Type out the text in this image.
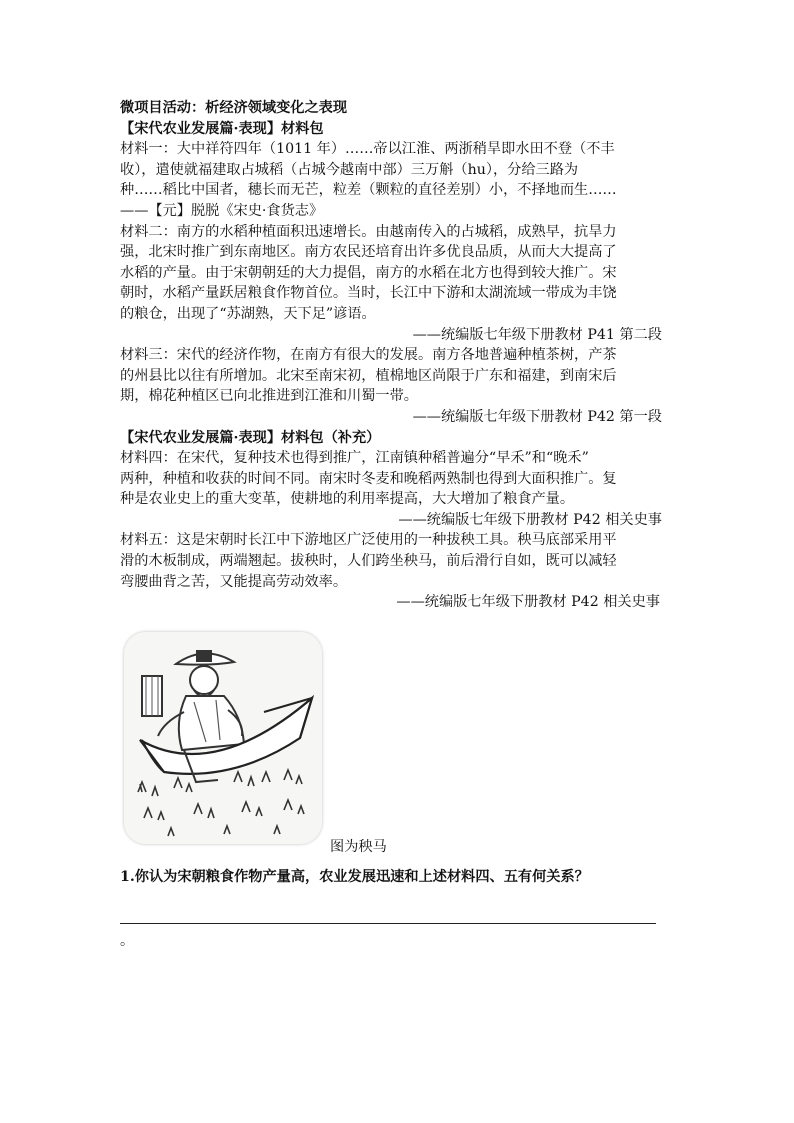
微项目活动：析经济领域变化之表现
【宋代农业发展篇·表现】材料包
材料一：大中祥符四年（1011 年）……帝以江淮、两浙稍旱即水田不登（不丰
收），遣使就福建取占城稻（占城今越南中部）三万斛（hu），分给三路为
种……稻比中国者，穗长而无芒，粒差（颗粒的直径差别）小，不择地而生……
——【元】脱脱《宋史·食货志》
材料二：南方的水稻种植面积迅速增长。由越南传入的占城稻，成熟早，抗旱力
强，北宋时推广到东南地区。南方农民还培育出许多优良品质，从而大大提高了
水稻的产量。由于宋朝朝廷的大力提倡，南方的水稻在北方也得到较大推广。宋
朝时，水稻产量跃居粮食作物首位。当时，长江中下游和太湖流域一带成为丰饶
的粮仓，出现了“苏湖熟，天下足”谚语。
——统编版七年级下册教材 P41 第二段
材料三：宋代的经济作物，在南方有很大的发展。南方各地普遍种植茶树，产茶
的州县比以往有所增加。北宋至南宋初，植棉地区尚限于广东和福建，到南宋后
期，棉花种植区已向北推进到江淮和川蜀一带。
——统编版七年级下册教材 P42 第一段
【宋代农业发展篇·表现】材料包（补充）
材料四：在宋代，复种技术也得到推广，江南镇种稻普遍分“早禾”和“晚禾”
两种，种植和收获的时间不同。南宋时冬麦和晚稻两熟制也得到大面积推广。复
种是农业史上的重大变革，使耕地的利用率提高，大大增加了粮食产量。
——统编版七年级下册教材 P42 相关史事
材料五：这是宋朝时长江中下游地区广泛使用的一种拔秧工具。秧马底部采用平
滑的木板制成，两端翘起。拔秧时，人们跨坐秧马，前后滑行自如，既可以减轻
弯腰曲背之苦，又能提高劳动效率。
——统编版七年级下册教材 P42 相关史事
图为秧马
1.你认为宋朝粮食作物产量高，农业发展迅速和上述材料四、五有何关系？
。
